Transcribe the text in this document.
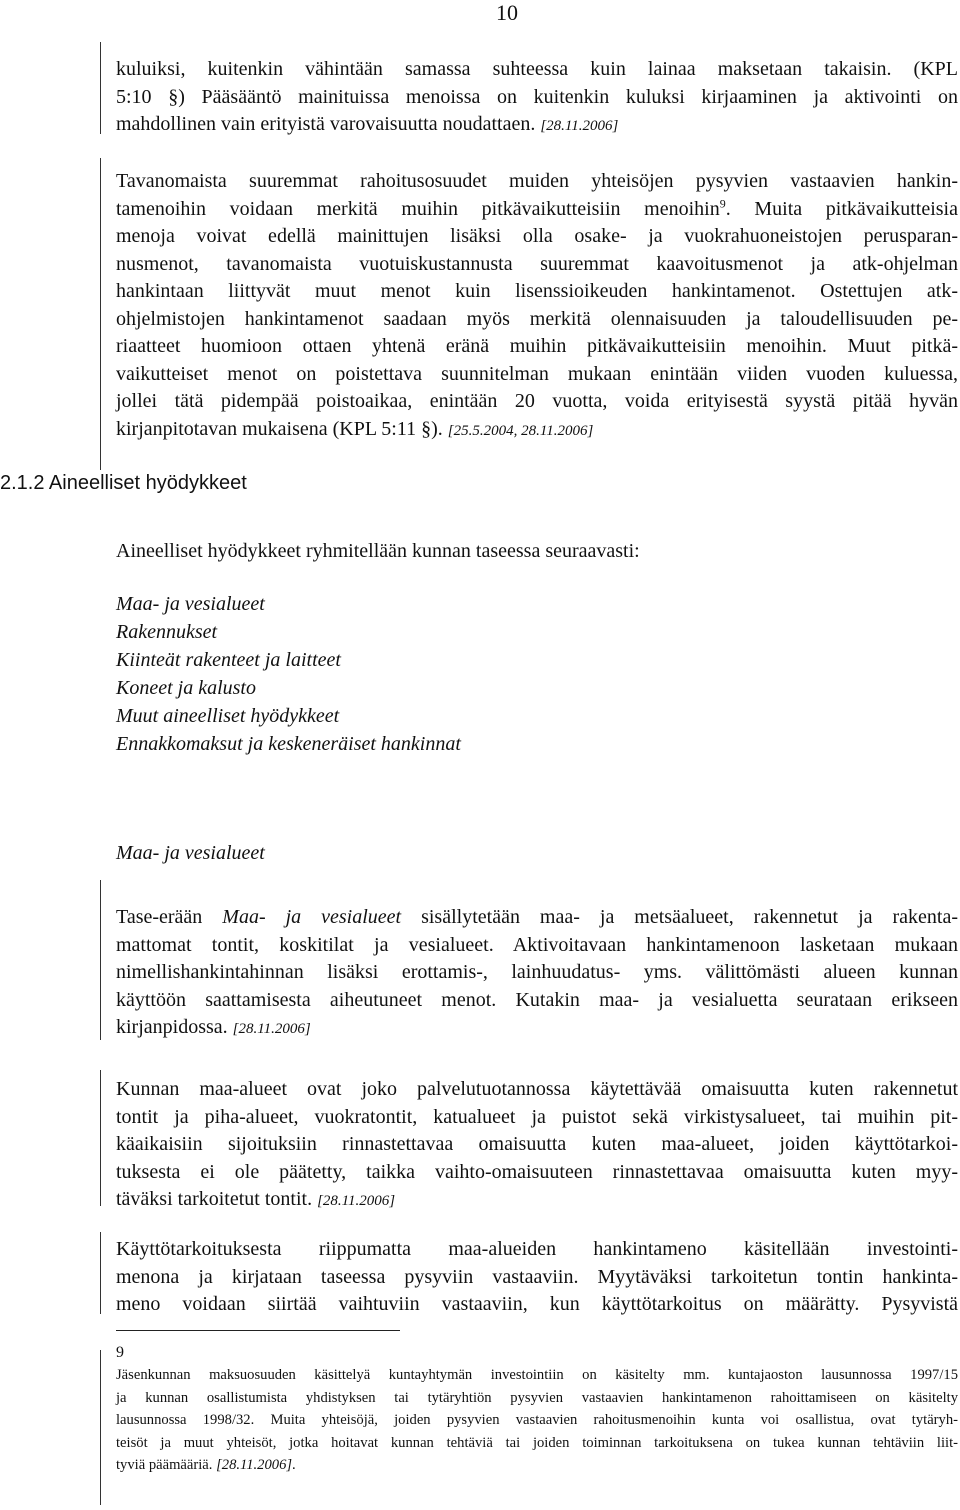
10
kuluiksi, kuitenkin vähintään samassa suhteessa kuin lainaa maksetaan takaisin. (KPL
5:10 §) Pääsääntö mainituissa menoissa on kuitenkin kuluksi kirjaaminen ja aktivointi on
mahdollinen vain erityistä varovaisuutta noudattaen. [28.11.2006]
Tavanomaista suuremmat rahoitusosuudet muiden yhteisöjen pysyvien vastaavien hankin-
tamenoihin voidaan merkitä muihin pitkävaikutteisiin menoihin$^9$. Muita pitkävaikutteisia
menoja voivat edellä mainittujen lisäksi olla osake- ja vuokrahuoneistojen perusparan-
nusmenot, tavanomaista vuotuiskustannusta suuremmat kaavoitusmenot ja atk-ohjelman
hankintaan liittyvät muut menot kuin lisenssioikeuden hankintamenot. Ostettujen atk-
ohjelmistojen hankintamenot saadaan myös merkitä olennaisuuden ja taloudellisuuden pe-
riaatteet huomioon ottaen yhtenä eränä muihin pitkävaikutteisiin menoihin. Muut pitkä-
vaikutteiset menot on poistettava suunnitelman mukaan enintään viiden vuoden kuluessa,
jollei tätä pidempää poistoaikaa, enintään 20 vuotta, voida erityisestä syystä pitää hyvän
kirjanpitotavan mukaisena (KPL 5:11 §). [25.5.2004, 28.11.2006]
2.1.2 Aineelliset hyödykkeet
Aineelliset hyödykkeet ryhmitellään kunnan taseessa seuraavasti:
Maa- ja vesialueet
Rakennukset
Kiinteät rakenteet ja laitteet
Koneet ja kalusto
Muut aineelliset hyödykkeet
Ennakkomaksut ja keskeneräiset hankinnat
Maa- ja vesialueet
Tase-erään Maa- ja vesialueet sisällytetään maa- ja metsäalueet, rakennetut ja rakenta-
mattomat tontit, koskitilat ja vesialueet. Aktivoitavaan hankintamenoon lasketaan mukaan
nimellishankintahinnan lisäksi erottamis-, lainhuudatus- yms. välittömästi alueen kunnan
käyttöön saattamisesta aiheutuneet menot. Kutakin maa- ja vesialuetta seurataan erikseen
kirjanpidossa. [28.11.2006]
Kunnan maa-alueet ovat joko palvelutuotannossa käytettävää omaisuutta kuten rakennetut
tontit ja piha-alueet, vuokratontit, katualueet ja puistot sekä virkistysalueet, tai muihin pit-
käaikaisiin sijoituksiin rinnastettavaa omaisuutta kuten maa-alueet, joiden käyttötarkoi-
tuksesta ei ole päätetty, taikka vaihto-omaisuuteen rinnastettavaa omaisuutta kuten myy-
täväksi tarkoitetut tontit. [28.11.2006]
Käyttötarkoituksesta riippumatta maa-alueiden hankintameno käsitellään investointi-
menona ja kirjataan taseessa pysyviin vastaaviin. Myytäväksi tarkoitetun tontin hankinta-
meno voidaan siirtää vaihtuviin vastaaviin, kun käyttötarkoitus on määrätty. Pysyvistä
9
Jäsenkunnan maksuosuuden käsittelyä kuntayhtymän investointiin on käsitelty mm. kuntajaoston lausunnossa 1997/15
ja kunnan osallistumista yhdistyksen tai tytäryhtiön pysyvien vastaavien hankintamenon rahoittamiseen on käsitelty
lausunnossa 1998/32. Muita yhteisöjä, joiden pysyvien vastaavien rahoitusmenoihin kunta voi osallistua, ovat tytäryh-
teisöt ja muut yhteisöt, jotka hoitavat kunnan tehtäviä tai joiden toiminnan tarkoituksena on tukea kunnan tehtäviin liit-
tyviä päämääriä. [28.11.2006].
